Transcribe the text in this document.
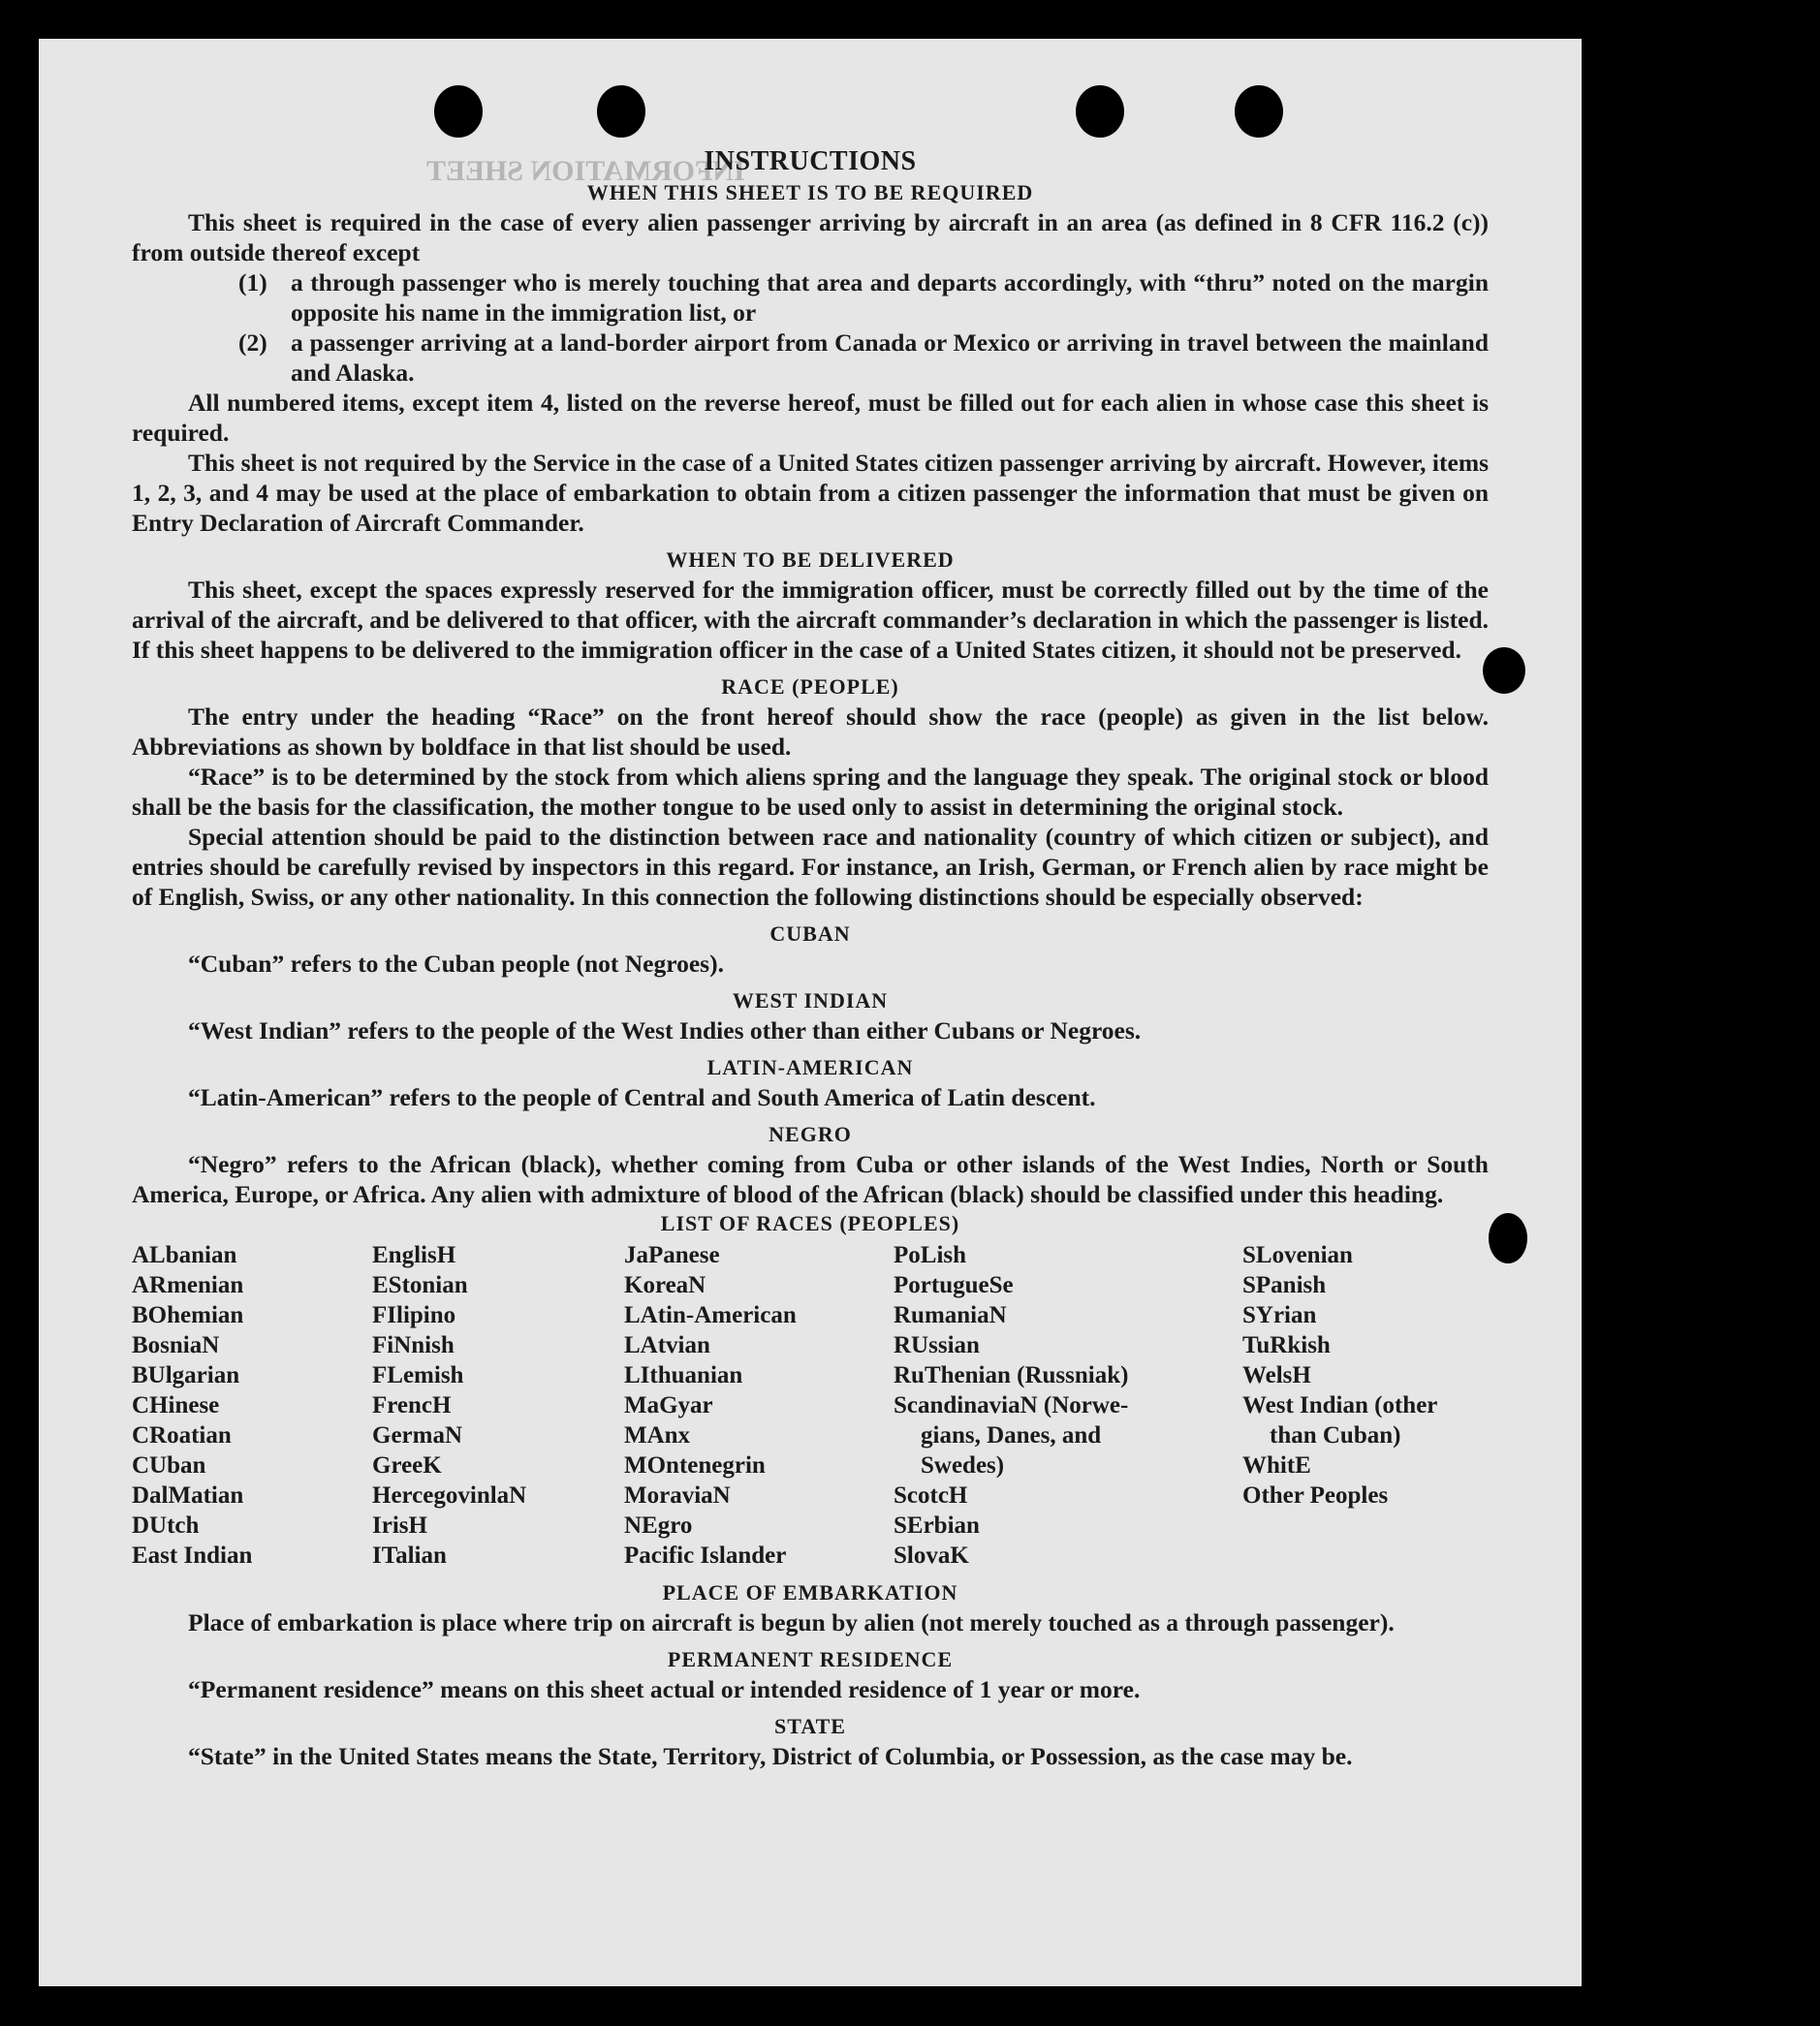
INFORMATION SHEET
INSTRUCTIONS
WHEN THIS SHEET IS TO BE REQUIRED

This sheet is required in the case of every alien passenger arriving by aircraft in an area (as defined in 8 CFR 116.2 (c)) from outside thereof except

(1) a through passenger who is merely touching that area and departs accordingly, with “thru” noted on the margin opposite his name in the immigration list, or
(2) a passenger arriving at a land-border airport from Canada or Mexico or arriving in travel between the mainland and Alaska.

All numbered items, except item 4, listed on the reverse hereof, must be filled out for each alien in whose case this sheet is required.

This sheet is not required by the Service in the case of a United States citizen passenger arriving by aircraft. However, items 1, 2, 3, and 4 may be used at the place of embarkation to obtain from a citizen passenger the information that must be given on Entry Declaration of Aircraft Commander.

WHEN TO BE DELIVERED

This sheet, except the spaces expressly reserved for the immigration officer, must be correctly filled out by the time of the arrival of the aircraft, and be delivered to that officer, with the aircraft commander’s declaration in which the passenger is listed. If this sheet happens to be delivered to the immigration officer in the case of a United States citizen, it should not be preserved.

RACE (PEOPLE)

The entry under the heading “Race” on the front hereof should show the race (people) as given in the list below. Abbreviations as shown by boldface in that list should be used.

“Race” is to be determined by the stock from which aliens spring and the language they speak. The original stock or blood shall be the basis for the classification, the mother tongue to be used only to assist in determining the original stock.

Special attention should be paid to the distinction between race and nationality (country of which citizen or subject), and entries should be carefully revised by inspectors in this regard. For instance, an Irish, German, or French alien by race might be of English, Swiss, or any other nationality. In this connection the following distinctions should be especially observed:

CUBAN

“Cuban” refers to the Cuban people (not Negroes).

WEST INDIAN

“West Indian” refers to the people of the West Indies other than either Cubans or Negroes.

LATIN-AMERICAN

“Latin-American” refers to the people of Central and South America of Latin descent.

NEGRO

“Negro” refers to the African (black), whether coming from Cuba or other islands of the West Indies, North or South America, Europe, or Africa. Any alien with admixture of blood of the African (black) should be classified under this heading.

LIST OF RACES (PEOPLES)
ALbanian
ARmenian
BOhemian
BosniaN
BUlgarian
CHinese
CRoatian
CUban
DalMatian
DUtch
East Indian
EnglisH
EStonian
FIlipino
FiNnish
FLemish
FrencH
GermaN
GreeK
HercegovinlaN
IrisH
ITalian
JaPanese
KoreaN
LAtin-American
LAtvian
LIthuanian
MaGyar
MAnx
MOntenegrin
MoraviaN
NEgro
Pacific Islander
PoLish
PortugueSe
RumaniaN
RUssian
RuThenian (Russniak)
ScandinaviaN (Norwe-
gians, Danes, and
Swedes)
ScotcH
SErbian
SlovaK
SLovenian
SPanish
SYrian
TuRkish
WelsH
West Indian (other
than Cuban)
WhitE
Other Peoples
PLACE OF EMBARKATION

Place of embarkation is place where trip on aircraft is begun by alien (not merely touched as a through passenger).

PERMANENT RESIDENCE

“Permanent residence” means on this sheet actual or intended residence of 1 year or more.

STATE

“State” in the United States means the State, Territory, District of Columbia, or Possession, as the case may be.
